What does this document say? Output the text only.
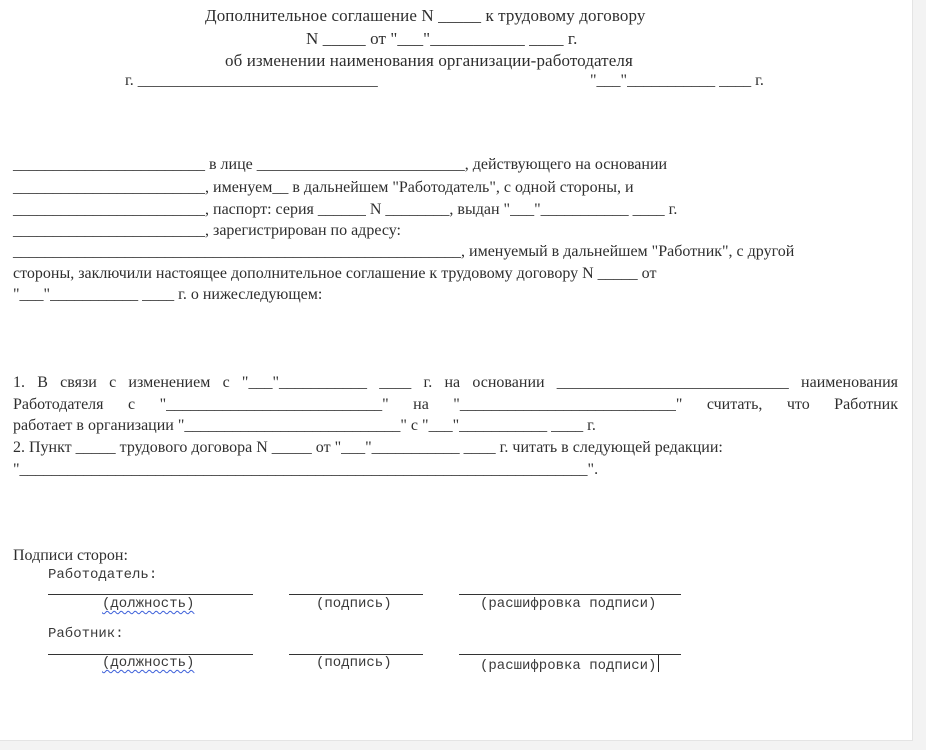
Дополнительное соглашение N _____ к трудовому договору
N _____ от "___"___________ ____ г.
об изменении наименования организации-работодателя
г. ______________________________	"___"___________ ____ г.
________________________ в лице __________________________, действующего на основании
________________________, именуем__ в дальнейшем "Работодатель", с одной стороны, и
________________________, паспорт: серия ______ N ________, выдан "___"___________ ____ г.
________________________, зарегистрирован по адресу:
________________________________________________________, именуемый в дальнейшем "Работник", с другой
стороны, заключили настоящее дополнительное соглашение к трудовому договору N _____ от
"___"___________ ____ г. о нижеследующем:
1. В связи с изменением с "___"___________ ____ г. на основании _____________________________ наименования
Работодателя с "___________________________" на "___________________________" считать, что Работник
работает в организации "___________________________" с "___"___________ ____ г.
2. Пункт _____ трудового договора N _____ от "___"___________ ____ г. читать в следующей редакции:
"_______________________________________________________________________".
Подписи сторон:
Работодатель:
(должность)	(подпись)	(расшифровка подписи)
Работник:
(должность)	(подпись)	(расшифровка подписи)
